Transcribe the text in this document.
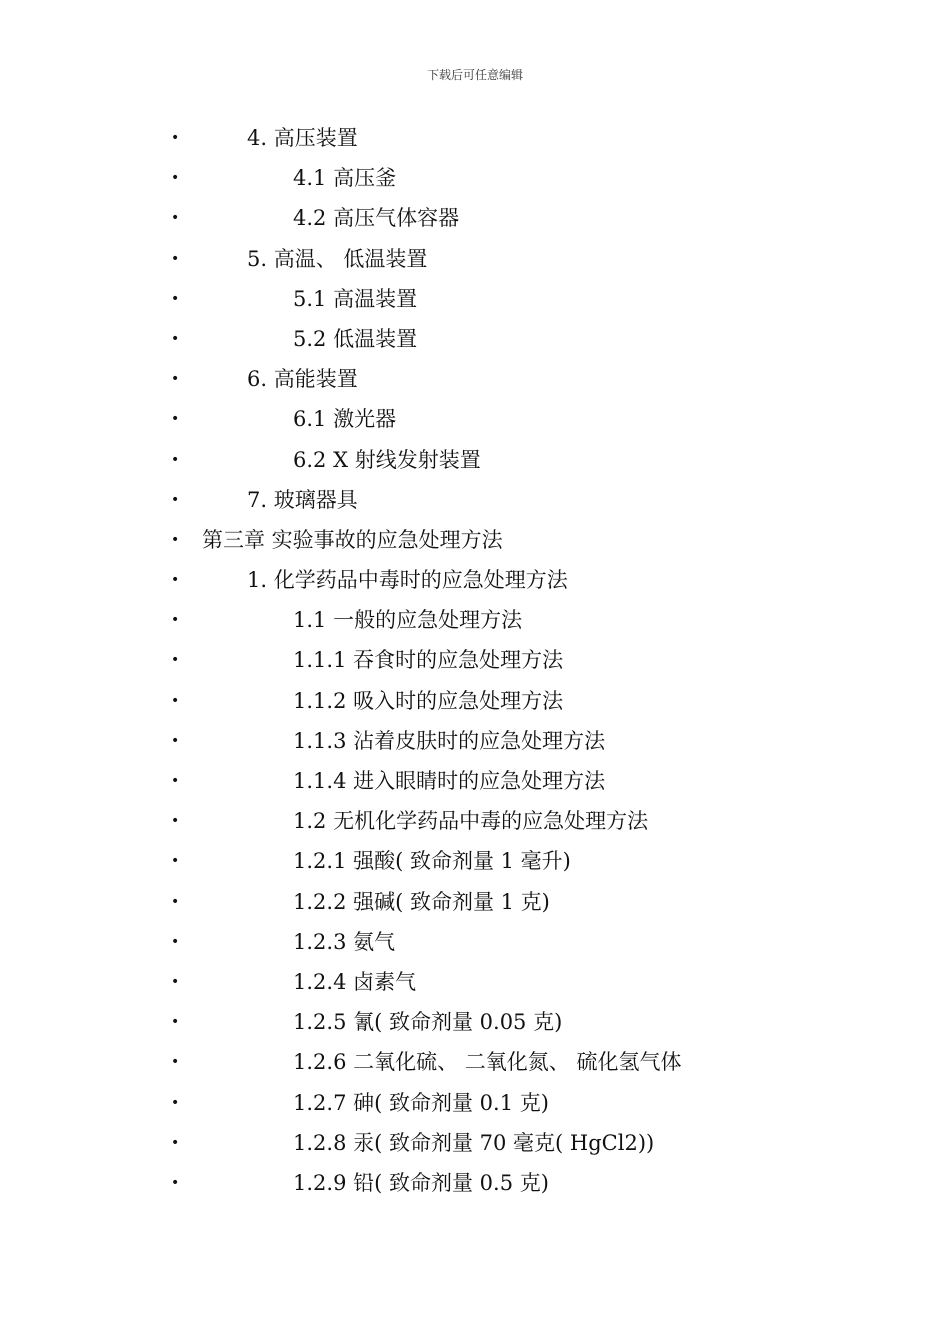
下载后可任意编辑
•	4. 高压装置
•	4.1 高压釜
•	4.2 高压气体容器
•	5. 高温、 低温装置
•	5.1 高温装置
•	5.2 低温装置
•	6. 高能装置
•	6.1 激光器
•	6.2 X 射线发射装置
•	7. 玻璃器具
• 第三章 实验事故的应急处理方法
•	1. 化学药品中毒时的应急处理方法
•	1.1 一般的应急处理方法
•	1.1.1 吞食时的应急处理方法
•	1.1.2 吸入时的应急处理方法
•	1.1.3 沾着皮肤时的应急处理方法
•	1.1.4 进入眼睛时的应急处理方法
•	1.2 无机化学药品中毒的应急处理方法
•	1.2.1 强酸( 致命剂量 1 毫升)
•	1.2.2 强碱( 致命剂量 1 克)
•	1.2.3 氨气
•	1.2.4 卤素气
•	1.2.5 氰( 致命剂量 0.05 克)
•	1.2.6 二氧化硫、 二氧化氮、 硫化氢气体
•	1.2.7 砷( 致命剂量 0.1 克)
•	1.2.8 汞( 致命剂量 70 毫克( HgCl2))
•	1.2.9 铅( 致命剂量 0.5 克)
